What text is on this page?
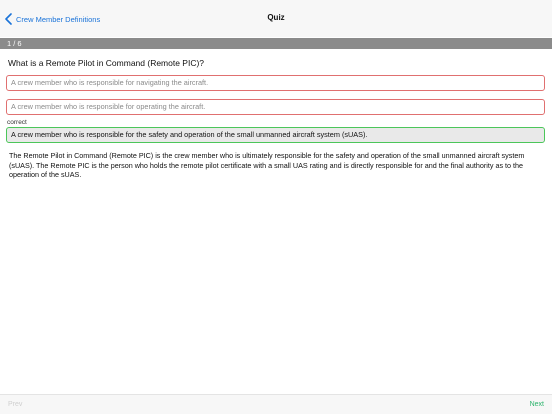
Crew Member Definitions	Quiz
1 / 6
What is a Remote Pilot in Command (Remote PIC)?
A crew member who is responsible for navigating the aircraft.
A crew member who is responsible for operating the aircraft.
correct
A crew member who is responsible for the safety and operation of the small unmanned aircraft system (sUAS).
The Remote Pilot in Command (Remote PIC) is the crew member who is ultimately responsible for the safety and operation of the small unmanned aircraft system (sUAS). The Remote PIC is the person who holds the remote pilot certificate with a small UAS rating and is directly responsible for and the final authority as to the operation of the sUAS.
Prev	Next
